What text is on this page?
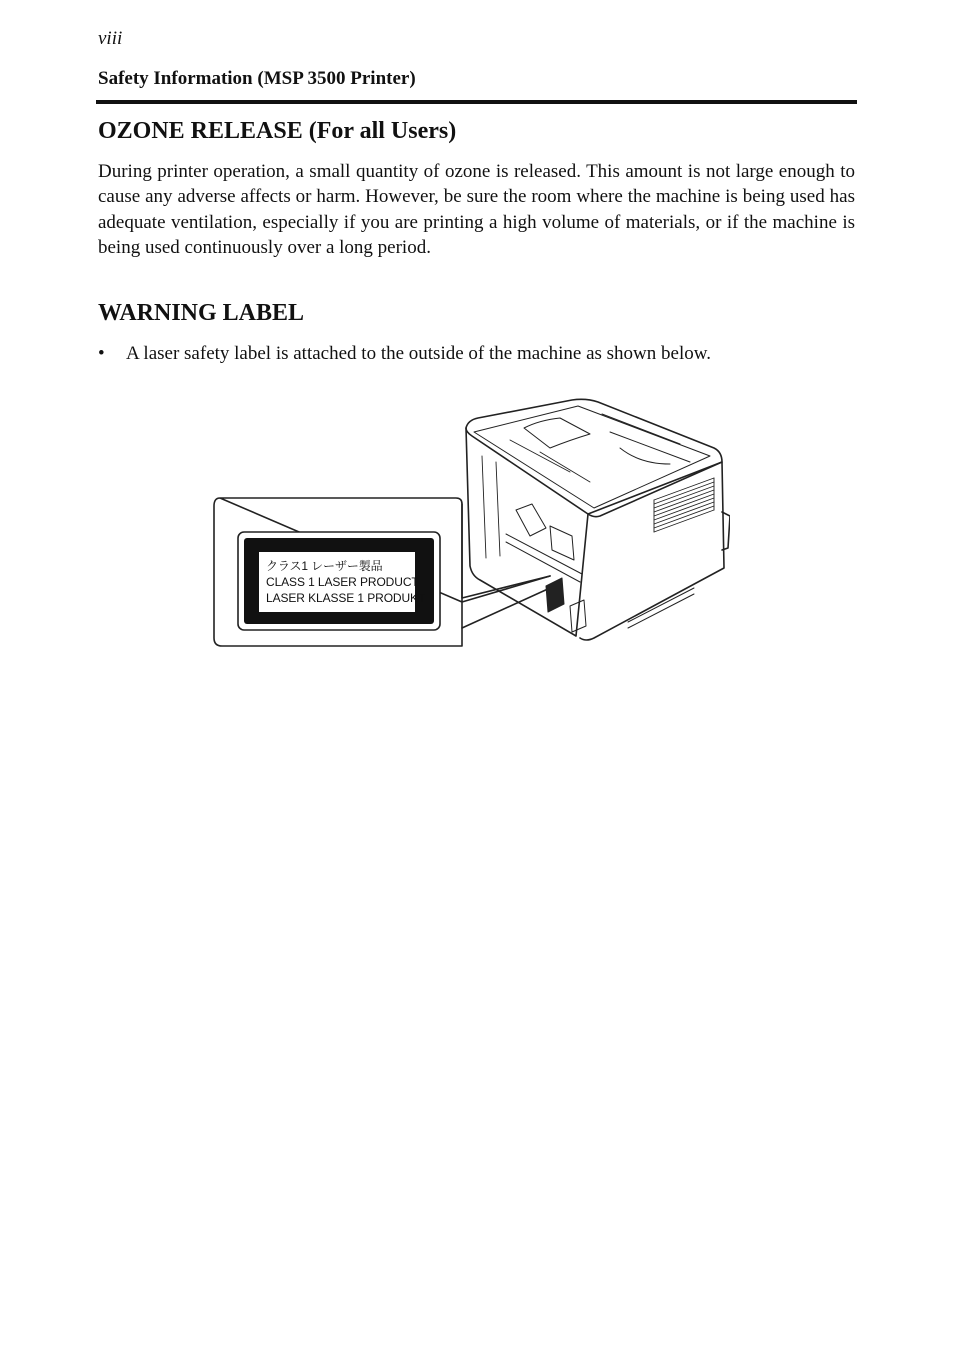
viii
Safety Information (MSP 3500 Printer)
OZONE RELEASE (For all Users)

During printer operation, a small quantity of ozone is released. This amount is not large enough to cause any adverse affects or harm. However, be sure the room where the machine is being used has adequate ventilation, especially if you are printing a high volume of materials, or if the machine is being used continuously over a long period.

WARNING LABEL
• A laser safety label is attached to the outside of the machine as shown below.
クラス1 レーザー製品
CLASS 1 LASER PRODUCT
LASER KLASSE 1 PRODUKT
